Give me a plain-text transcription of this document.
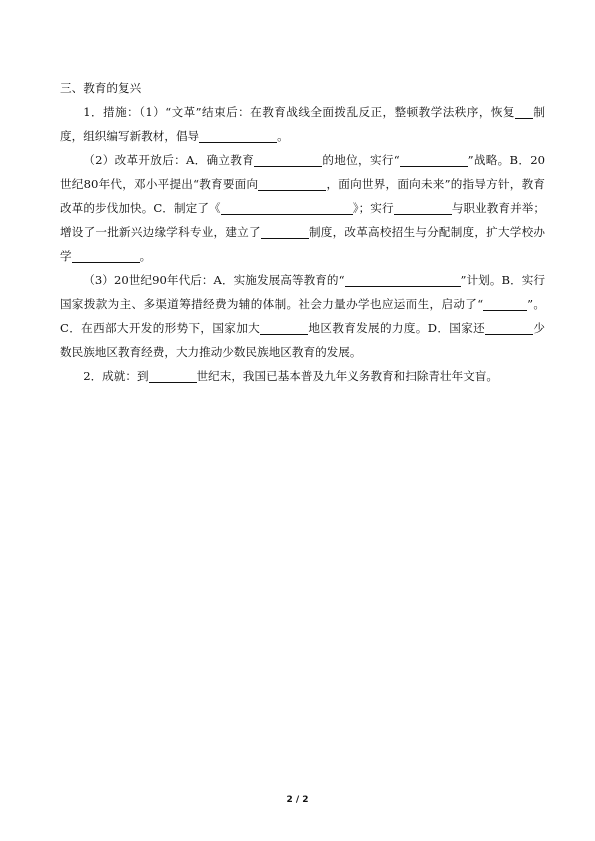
三、教育的复兴

1．措施：（1）“文革”结束后：在教育战线全面拨乱反正，整顿教学法秩序，恢复 制度，组织编写新教材，倡导	。

（2）改革开放后：A．确立教育	的地位，实行“	”战略。B．20世纪80年代，邓小平提出“教育要面向	，面向世界，面向未来”的指导方针，教育改革的步伐加快。C．制定了《	》；实行	与职业教育并举；增设了一批新兴边缘学科专业，建立了	制度，改革高校招生与分配制度，扩大学校办学	。

（3）20世纪90年代后：A．实施发展高等教育的“	”计划。B．实行国家拨款为主、多渠道筹措经费为辅的体制。社会力量办学也应运而生，启动了“	”。C．在西部大开发的形势下，国家加大	地区教育发展的力度。D．国家还	少数民族地区教育经费，大力推动少数民族地区教育的发展。

2．成就：到	世纪末，我国已基本普及九年义务教育和扫除青壮年文盲。

2 / 2
